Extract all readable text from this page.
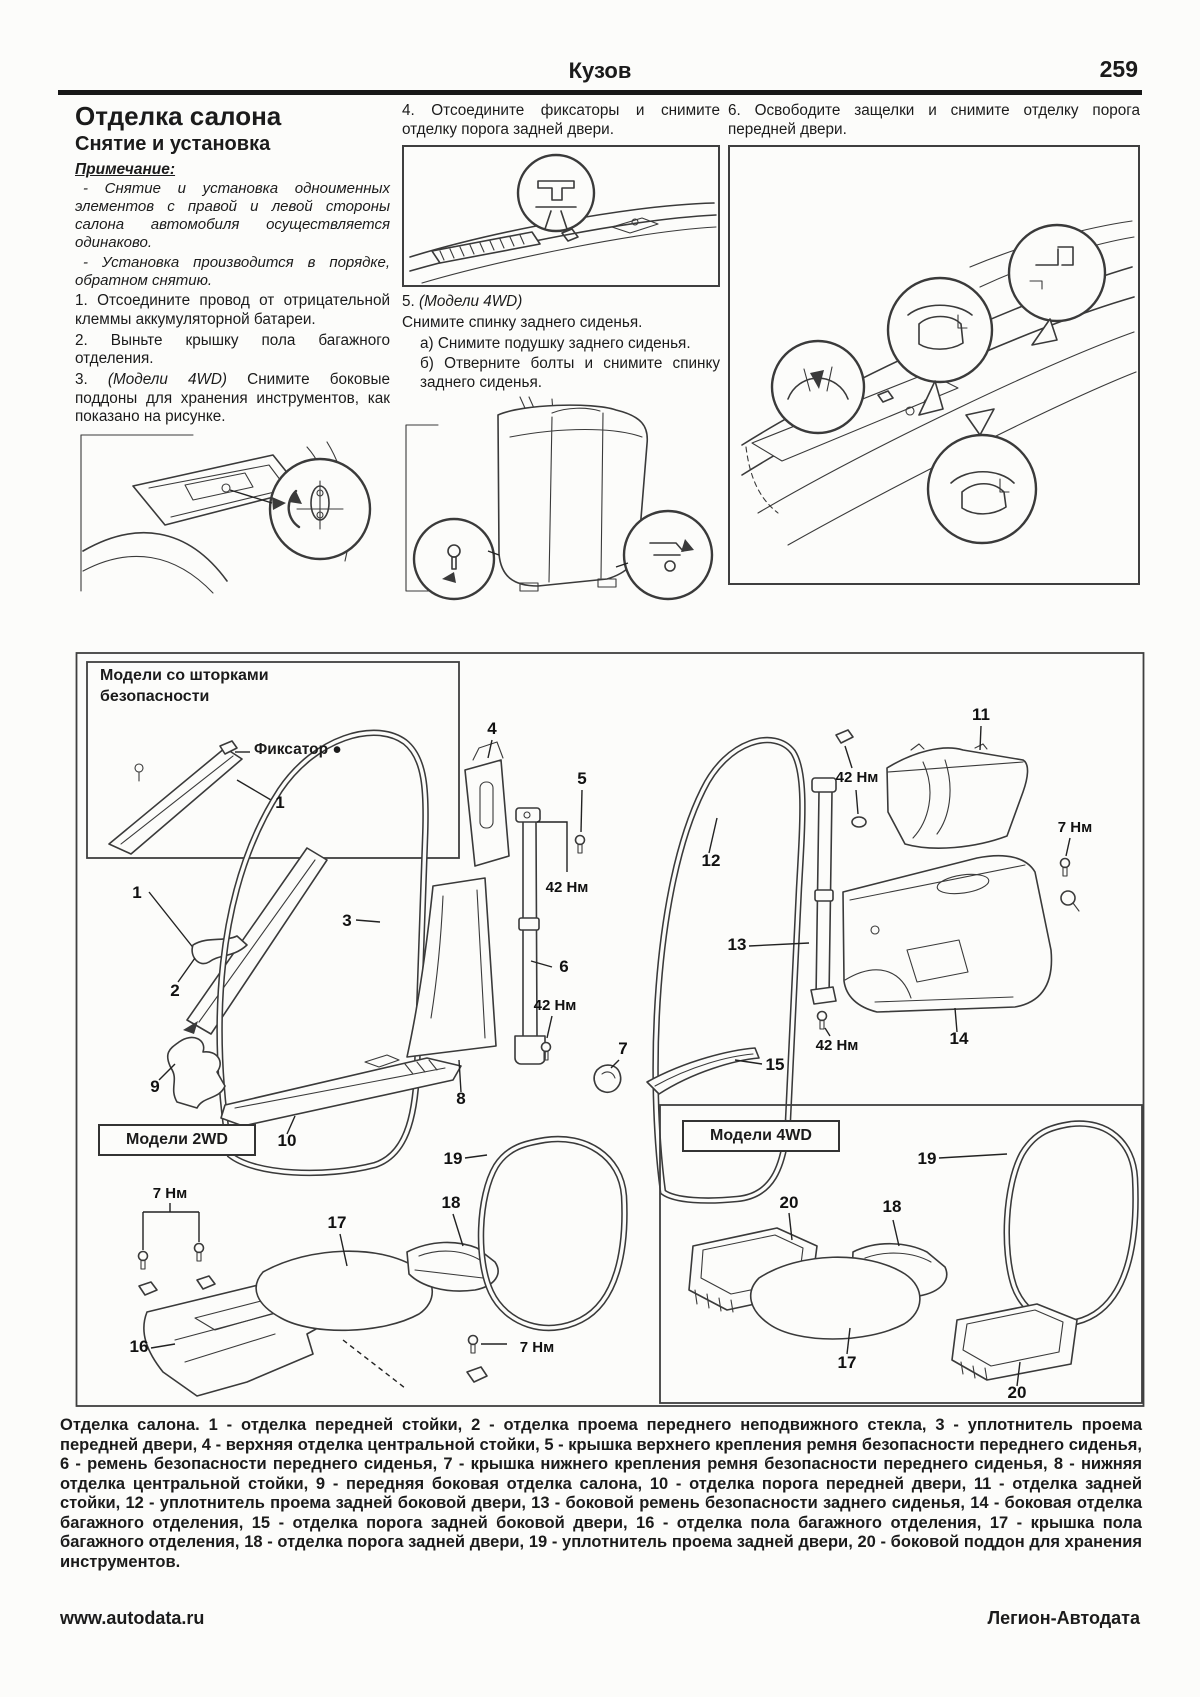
Кузов	259
Отделка салона
Снятие и установка

Примечание:

- Снятие и установка одноименных элементов с правой и левой стороны салона автомобиля осуществляется одинаково.

- Установка производится в порядке, обратном снятию.

1. Отсоедините провод от отрицательной клеммы аккумуляторной батареи.

2. Выньте крышку пола багажного отделения.

3. (Модели 4WD) Снимите боковые поддоны для хранения инструментов, как показано на рисунке.

4. Отсоедините фиксаторы и снимите отделку порога задней двери.

5. (Модели 4WD)

Снимите спинку заднего сиденья.

а) Снимите подушку заднего сиденья.

б) Отверните болты и снимите спинку заднего сиденья.

6. Освободите защелки и снимите отделку порога передней двери.

1
1
2
3
9
10
4
5
42 Нм
6
42 Нм
7
8
12
13
42 Нм	14
11
42 Нм
7 Нм
15
7 Нм
16
17
18
19
7 Нм
19
20	18
17
20
Модели со шторками безопасности
Фиксатор ●
Модели 2WD	Модели 4WD

Отделка салона. 1 - отделка передней стойки, 2 - отделка проема переднего неподвижного стекла, 3 - уплотнитель проема передней двери, 4 - верхняя отделка центральной стойки, 5 - крышка верхнего крепления ремня безопасности переднего сиденья, 6 - ремень безопасности переднего сиденья, 7 - крышка нижнего крепления ремня безопасности переднего сиденья, 8 - нижняя отделка центральной стойки, 9 - передняя боковая отделка салона, 10 - отделка порога передней двери, 11 - отделка задней стойки, 12 - уплотнитель проема задней боковой двери, 13 - боковой ремень безопасности заднего сиденья, 14 - боковая отделка багажного отделения, 15 - отделка порога задней боковой двери, 16 - отделка пола багажного отделения, 17 - крышка пола багажного отделения, 18 - отделка порога задней двери, 19 - уплотнитель проема задней двери, 20 - боковой поддон для хранения инструментов.

www.autodata.ru	Легион-Автодата
